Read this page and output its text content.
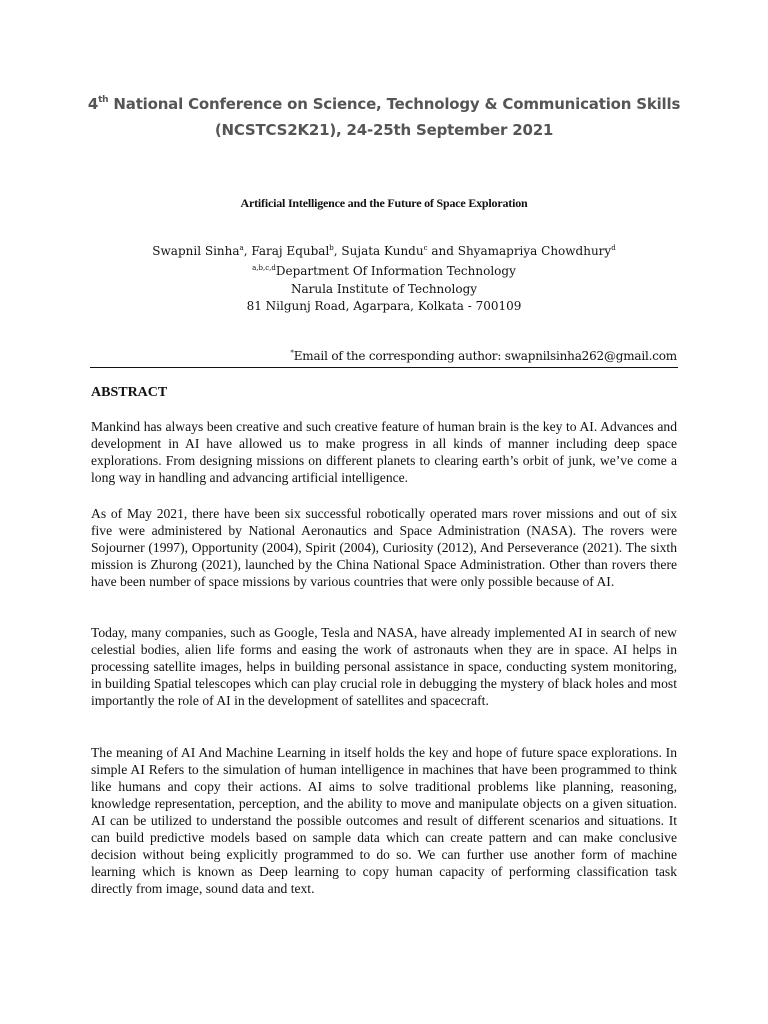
4th National Conference on Science, Technology & Communication Skills
(NCSTCS2K21), 24-25th September 2021
Artificial Intelligence and the Future of Space Exploration
Swapnil Sinha$^a$, Faraj Equbal$^b$, Sujata Kundu$^c$ and Shyamapriya Chowdhury$^d$
$^{a,b,c,d}$Department Of Information Technology
Narula Institute of Technology
81 Nilgunj Road, Agarpara, Kolkata - 700109
*Email of the corresponding author: swapnilsinha262@gmail.com
ABSTRACT

Mankind has always been creative and such creative feature of human brain is the key to AI. Advances and development in AI have allowed us to make progress in all kinds of manner including deep space explorations. From designing missions on different planets to clearing earth’s orbit of junk, we’ve come a long way in handling and advancing artificial intelligence.

As of May 2021, there have been six successful robotically operated mars rover missions and out of six five were administered by National Aeronautics and Space Administration (NASA). The rovers were Sojourner (1997), Opportunity (2004), Spirit (2004), Curiosity (2012), And Perseverance (2021). The sixth mission is Zhurong (2021), launched by the China National Space Administration. Other than rovers there have been number of space missions by various countries that were only possible because of AI.

Today, many companies, such as Google, Tesla and NASA, have already implemented AI in search of new celestial bodies, alien life forms and easing the work of astronauts when they are in space. AI helps in processing satellite images, helps in building personal assistance in space, conducting system monitoring, in building Spatial telescopes which can play crucial role in debugging the mystery of black holes and most importantly the role of AI in the development of satellites and spacecraft.

The meaning of AI And Machine Learning in itself holds the key and hope of future space explorations. In simple AI Refers to the simulation of human intelligence in machines that have been programmed to think like humans and copy their actions. AI aims to solve traditional problems like planning, reasoning, knowledge representation, perception, and the ability to move and manipulate objects on a given situation. AI can be utilized to understand the possible outcomes and result of different scenarios and situations. It can build predictive models based on sample data which can create pattern and can make conclusive decision without being explicitly programmed to do so. We can further use another form of machine learning which is known as Deep learning to copy human capacity of performing classification task directly from image, sound data and text.
